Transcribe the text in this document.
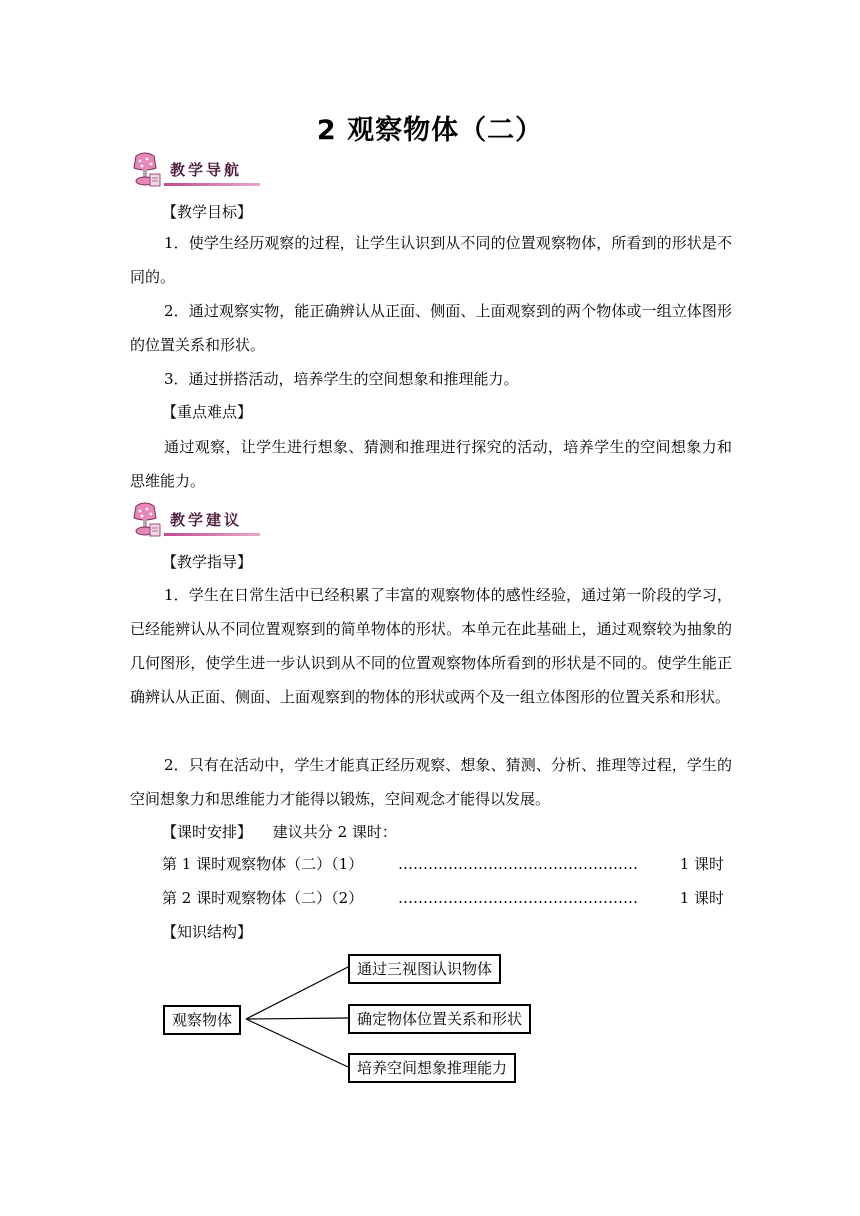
2 观察物体（二）
教学导航
【教学目标】
1．使学生经历观察的过程，让学生认识到从不同的位置观察物体，所看到的形状是不同的。
2．通过观察实物，能正确辨认从正面、侧面、上面观察到的两个物体或一组立体图形的位置关系和形状。
3．通过拼搭活动，培养学生的空间想象和推理能力。
【重点难点】
通过观察，让学生进行想象、猜测和推理进行探究的活动，培养学生的空间想象力和思维能力。
教学建议
【教学指导】
1．学生在日常生活中已经积累了丰富的观察物体的感性经验，通过第一阶段的学习，已经能辨认从不同位置观察到的简单物体的形状。本单元在此基础上，通过观察较为抽象的几何图形，使学生进一步认识到从不同的位置观察物体所看到的形状是不同的。使学生能正确辨认从正面、侧面、上面观察到的物体的形状或两个及一组立体图形的位置关系和形状。
2．只有在活动中，学生才能真正经历观察、想象、猜测、分析、推理等过程，学生的空间想象力和思维能力才能得以锻炼，空间观念才能得以发展。
【课时安排】 建议共分 2 课时：
第 1 课时观察物体（二）（1） …………………………………………	1 课时
第 2 课时观察物体（二）（2） …………………………………………	1 课时
【知识结构】
观察物体
通过三视图认识物体
确定物体位置关系和形状
培养空间想象推理能力
